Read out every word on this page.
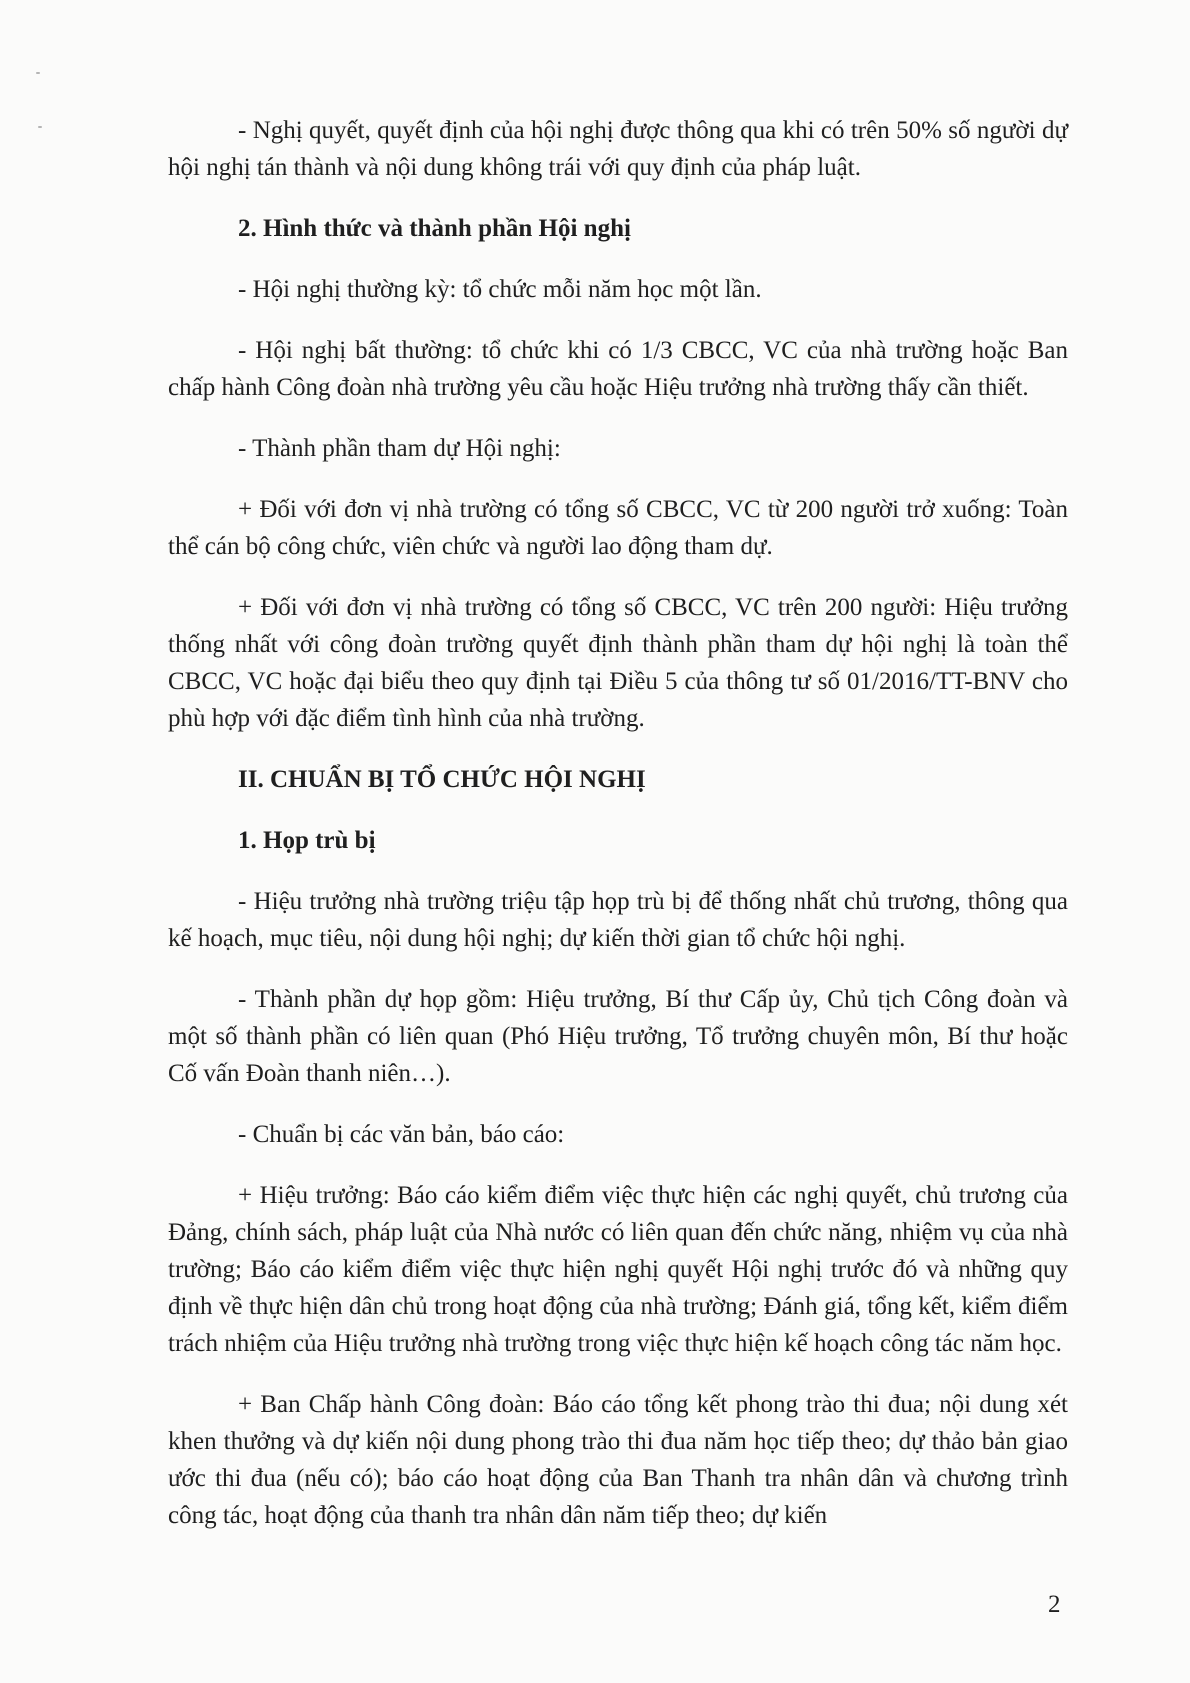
- Nghị quyết, quyết định của hội nghị được thông qua khi có trên 50% số người dự hội nghị tán thành và nội dung không trái với quy định của pháp luật.

2. Hình thức và thành phần Hội nghị

- Hội nghị thường kỳ: tổ chức mỗi năm học một lần.

- Hội nghị bất thường: tổ chức khi có 1/3 CBCC, VC của nhà trường hoặc Ban chấp hành Công đoàn nhà trường yêu cầu hoặc Hiệu trưởng nhà trường thấy cần thiết.

- Thành phần tham dự Hội nghị:

+ Đối với đơn vị nhà trường có tổng số CBCC, VC từ 200 người trở xuống: Toàn thể cán bộ công chức, viên chức và người lao động tham dự.

+ Đối với đơn vị nhà trường có tổng số CBCC, VC trên 200 người: Hiệu trưởng thống nhất với công đoàn trường quyết định thành phần tham dự hội nghị là toàn thể CBCC, VC hoặc đại biểu theo quy định tại Điều 5 của thông tư số 01/2016/TT-BNV cho phù hợp với đặc điểm tình hình của nhà trường.

II. CHUẨN BỊ TỔ CHỨC HỘI NGHỊ

1. Họp trù bị

- Hiệu trưởng nhà trường triệu tập họp trù bị để thống nhất chủ trương, thông qua kế hoạch, mục tiêu, nội dung hội nghị; dự kiến thời gian tổ chức hội nghị.

- Thành phần dự họp gồm: Hiệu trưởng, Bí thư Cấp ủy, Chủ tịch Công đoàn và một số thành phần có liên quan (Phó Hiệu trưởng, Tổ trưởng chuyên môn, Bí thư hoặc Cố vấn Đoàn thanh niên…).

- Chuẩn bị các văn bản, báo cáo:

+ Hiệu trưởng: Báo cáo kiểm điểm việc thực hiện các nghị quyết, chủ trương của Đảng, chính sách, pháp luật của Nhà nước có liên quan đến chức năng, nhiệm vụ của nhà trường; Báo cáo kiểm điểm việc thực hiện nghị quyết Hội nghị trước đó và những quy định về thực hiện dân chủ trong hoạt động của nhà trường; Đánh giá, tổng kết, kiểm điểm trách nhiệm của Hiệu trưởng nhà trường trong việc thực hiện kế hoạch công tác năm học.

+ Ban Chấp hành Công đoàn: Báo cáo tổng kết phong trào thi đua; nội dung xét khen thưởng và dự kiến nội dung phong trào thi đua năm học tiếp theo; dự thảo bản giao ước thi đua (nếu có); báo cáo hoạt động của Ban Thanh tra nhân dân và chương trình công tác, hoạt động của thanh tra nhân dân năm tiếp theo; dự kiến

2
